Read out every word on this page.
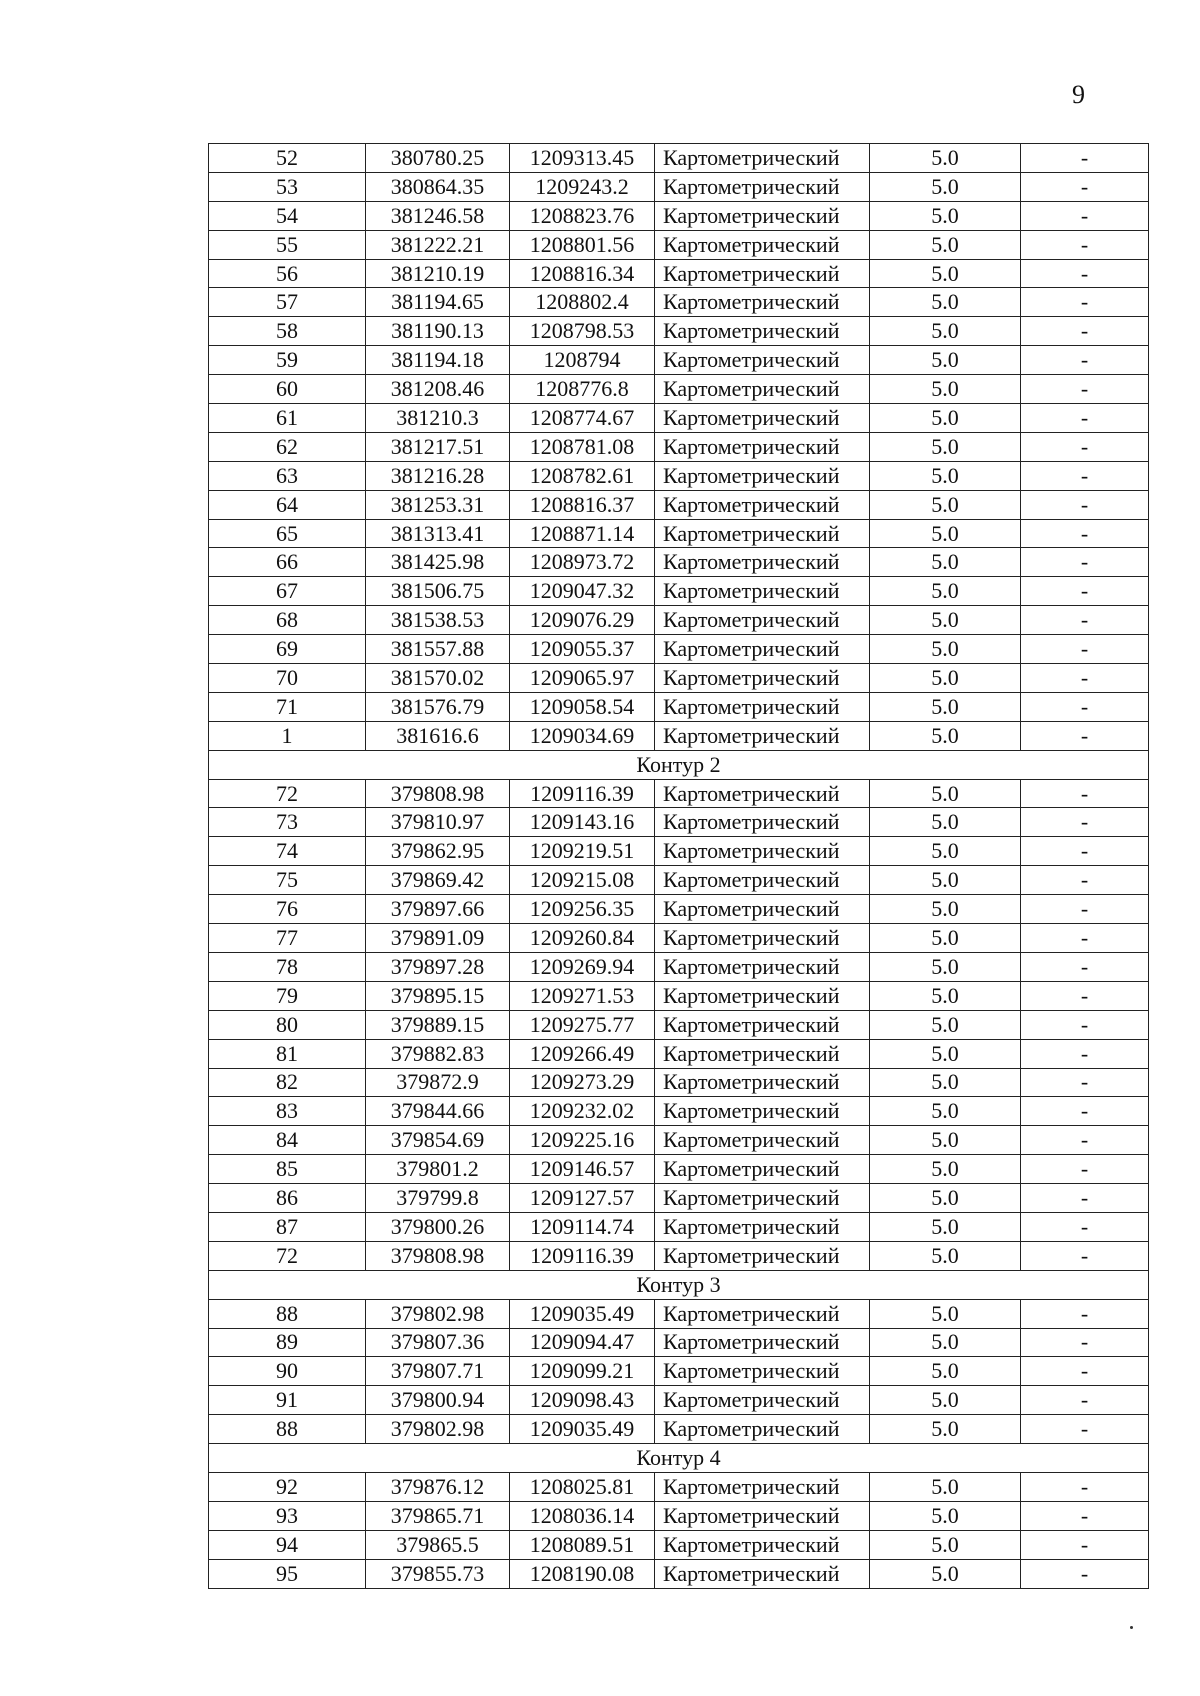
9
52	380780.25	1209313.45	Картометрический	5.0	-
53	380864.35	1209243.2	Картометрический	5.0	-
54	381246.58	1208823.76	Картометрический	5.0	-
55	381222.21	1208801.56	Картометрический	5.0	-
56	381210.19	1208816.34	Картометрический	5.0	-
57	381194.65	1208802.4	Картометрический	5.0	-
58	381190.13	1208798.53	Картометрический	5.0	-
59	381194.18	1208794	Картометрический	5.0	-
60	381208.46	1208776.8	Картометрический	5.0	-
61	381210.3	1208774.67	Картометрический	5.0	-
62	381217.51	1208781.08	Картометрический	5.0	-
63	381216.28	1208782.61	Картометрический	5.0	-
64	381253.31	1208816.37	Картометрический	5.0	-
65	381313.41	1208871.14	Картометрический	5.0	-
66	381425.98	1208973.72	Картометрический	5.0	-
67	381506.75	1209047.32	Картометрический	5.0	-
68	381538.53	1209076.29	Картометрический	5.0	-
69	381557.88	1209055.37	Картометрический	5.0	-
70	381570.02	1209065.97	Картометрический	5.0	-
71	381576.79	1209058.54	Картометрический	5.0	-
1	381616.6	1209034.69	Картометрический	5.0	-
Контур 2					
72	379808.98	1209116.39	Картометрический	5.0	-
73	379810.97	1209143.16	Картометрический	5.0	-
74	379862.95	1209219.51	Картометрический	5.0	-
75	379869.42	1209215.08	Картометрический	5.0	-
76	379897.66	1209256.35	Картометрический	5.0	-
77	379891.09	1209260.84	Картометрический	5.0	-
78	379897.28	1209269.94	Картометрический	5.0	-
79	379895.15	1209271.53	Картометрический	5.0	-
80	379889.15	1209275.77	Картометрический	5.0	-
81	379882.83	1209266.49	Картометрический	5.0	-
82	379872.9	1209273.29	Картометрический	5.0	-
83	379844.66	1209232.02	Картометрический	5.0	-
84	379854.69	1209225.16	Картометрический	5.0	-
85	379801.2	1209146.57	Картометрический	5.0	-
86	379799.8	1209127.57	Картометрический	5.0	-
87	379800.26	1209114.74	Картометрический	5.0	-
72	379808.98	1209116.39	Картометрический	5.0	-
Контур 3					
88	379802.98	1209035.49	Картометрический	5.0	-
89	379807.36	1209094.47	Картометрический	5.0	-
90	379807.71	1209099.21	Картометрический	5.0	-
91	379800.94	1209098.43	Картометрический	5.0	-
88	379802.98	1209035.49	Картометрический	5.0	-
Контур 4					
92	379876.12	1208025.81	Картометрический	5.0	-
93	379865.71	1208036.14	Картометрический	5.0	-
94	379865.5	1208089.51	Картометрический	5.0	-
95	379855.73	1208190.08	Картометрический	5.0	-
